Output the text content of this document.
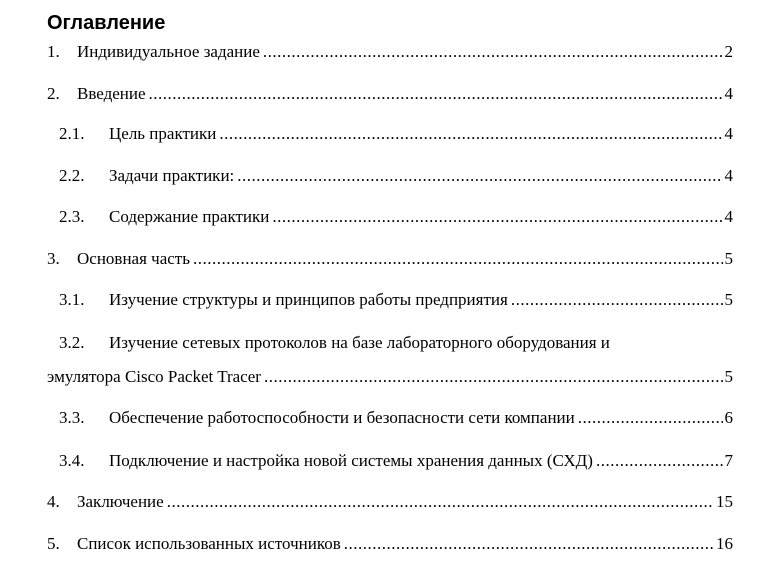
Оглавление
1.	Индивидуальное задание .....	2
2.	Введение .....	4
2.1.	Цель практики .....	4
2.2.	Задачи практики: .....	4
2.3.	Содержание практики .....	4
3.	Основная часть .....	5
3.1.	Изучение структуры и принципов работы предприятия .....	5
3.2.	Изучение сетевых протоколов на базе лабораторного оборудования и
эмулятора Cisco Packet Tracer .....	5
3.3.	Обеспечение работоспособности и безопасности сети компании .....	6
3.4.	Подключение и настройка новой системы хранения данных (СХД) .....	7
4.	Заключение .....	15
5.	Список использованных источников .....	16
